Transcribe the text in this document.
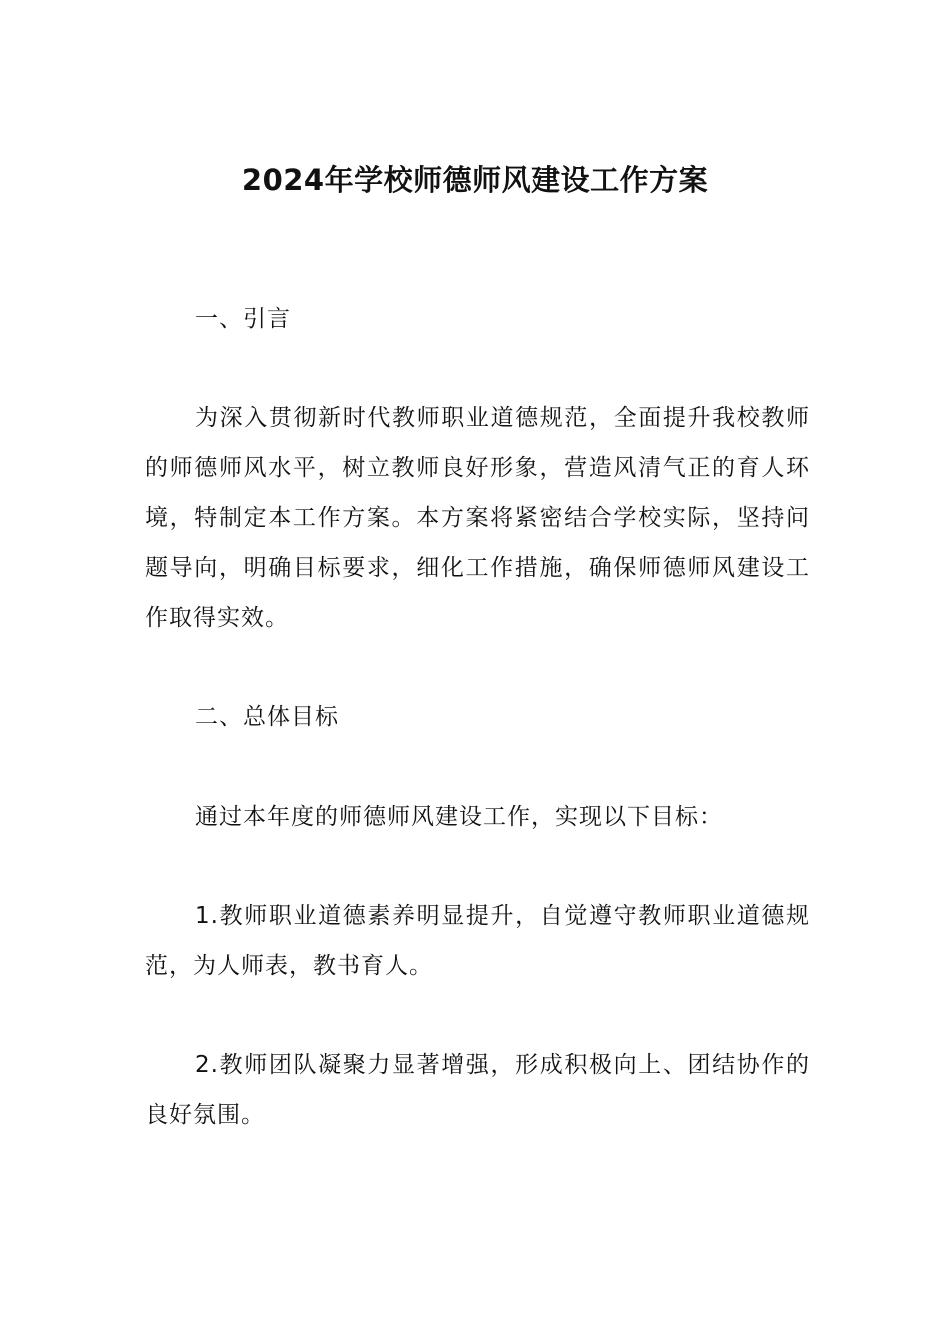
2024年学校师德师风建设工作方案

一、引言

为深入贯彻新时代教师职业道德规范，全面提升我校教师的师德师风水平，树立教师良好形象，营造风清气正的育人环境，特制定本工作方案。本方案将紧密结合学校实际，坚持问题导向，明确目标要求，细化工作措施，确保师德师风建设工作取得实效。

二、总体目标

通过本年度的师德师风建设工作，实现以下目标：

1.教师职业道德素养明显提升，自觉遵守教师职业道德规范，为人师表，教书育人。

2.教师团队凝聚力显著增强，形成积极向上、团结协作的良好氛围。
